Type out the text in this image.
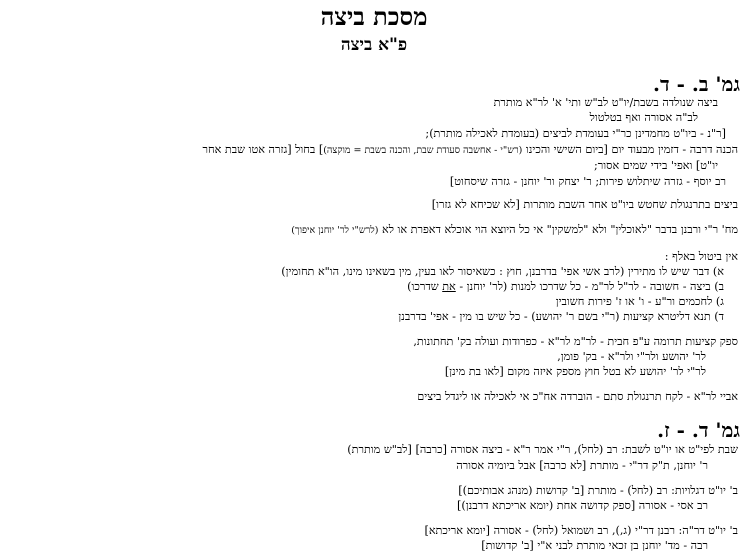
מסכת ביצה
פ"א ביצה
גמ' ב. - ד.
ביצה שנולדה בשבת/יו"ט לב"ש ותי' א' לר"א מותרת
לב"ה אסורה ואף בטלטול
[ר"נ - ביו"ט מחמדינן כר"י בעומדת לביצים (בעומדת לאכילה מותרת);
הכנה דרבה - דזמין מבעוד יום [ביום השישי והכינו (רש"י - אחשבה סעודת שבת, והכנה בשבת = מוקצה)] בחול [גזרה אטו שבת אחר
יו"ט] ואפי' בידי שמים אסור;
רב יוסף - גזרה שיתלוש פירות; ר' יצחק ור' יוחנן - גזרה שיסחוט]
ביצים בתרנגולת שחטש ביו"ט אחר השבת מותרות [לא שכיחא לא גזרו]
מח' ר"י ורבנן בדבר "לאוכלין" ולא "למשקין" אי כל היוצא הוי אוכלא דאפרת או לא (לרש"י לר' יוחנן איפוך)
אין ביטול באלף :
א) דבר שיש לו מתירין (לרב אשי אפי' בדרבנן, חוץ : כשאיסור לאו בעין, מין בשאינו מינו, הו"א תחומין)
ב) ביצה - חשובה - לר"ל לר"מ - כל שדרכו למנות (לר' יוחנן - את שדרכו)
ג) לחכמים ור"ע - ו' או ז' פירות חשובין
ד) תנא דליטרא קציעות (ר"י בשם ר' יהושע) - כל שיש בו מין - אפי' בדרבנן
ספק קציעות תרומה ע"פ חבית - לר"מ לר"א - כפרודות ועולה בק' תחתונות,
לר' יהושע ולר"י ולר"א - בק' פומן,
לר"י לר' יהושע לא בטל חוץ מספק איזה מקום [לאו בת מינן]
אביי לר"א - לקח תרנגולת סתם - הוברדה אח"כ אי לאכילה או ליגדל ביצים
גמ' ד. - ז.
שבת לפי"ט או יו"ט לשבת: רב (לחל), ר"י אמר ר"א - ביצה אסורה [כרבה] [לב"ש מותרת)
ר' יוחנן, ת"ק דר"י - מותרת [לא כרבה] אבל ביומיה אסורה
ב' יו"ט דגלויות: רב (לחל) - מותרת [ב' קדושות (מנהג אבותיכם)]
רב אסי - אסורה [ספק קדושה אחת (יומא אריכתא דרבנן)]
ב' יו"ט דר"ה: רבנן דר"י (ג,), רב ושמואל (לחל) - אסורה [יומא אריכתא]
רבה - מד' יוחנן בן זכאי מותרת לבני א"י [ב' קדושות]
